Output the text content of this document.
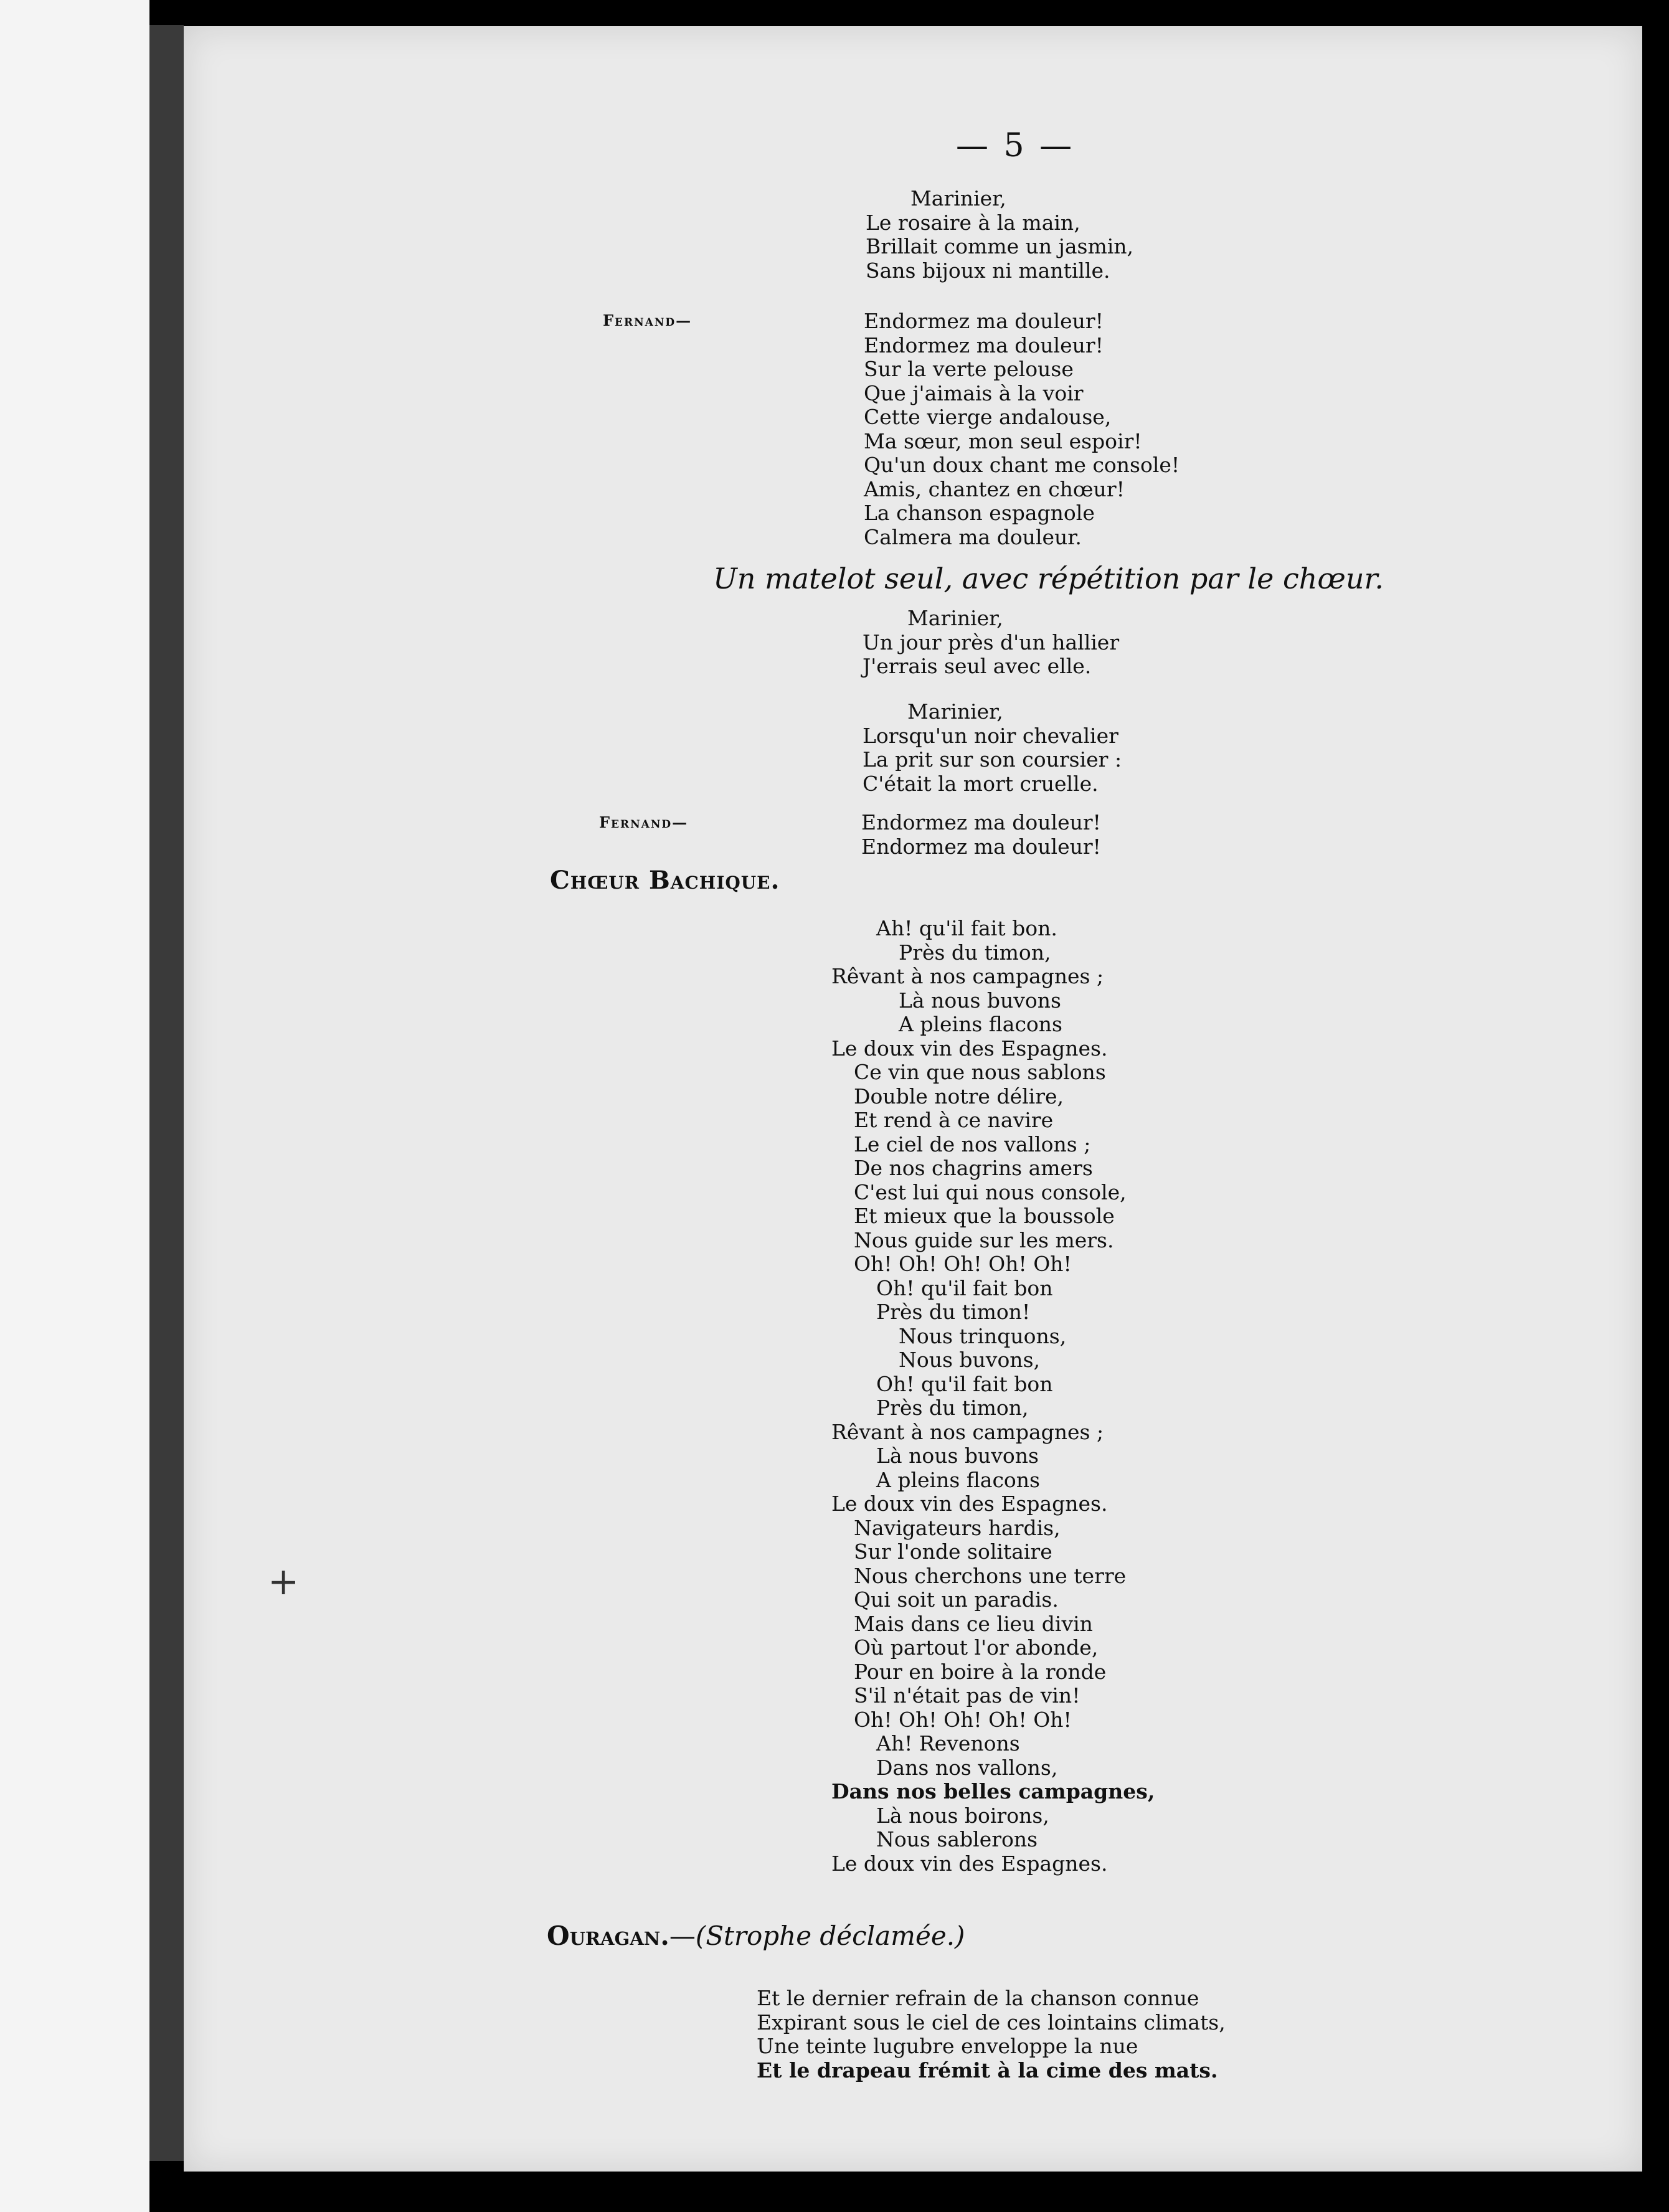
— 5 —
Marinier,
Le rosaire à la main,
Brillait comme un jasmin,
Sans bijoux ni mantille.
Fernand—	Endormez ma douleur!
Endormez ma douleur!
Sur la verte pelouse
Que j'aimais à la voir
Cette vierge andalouse,
Ma sœur, mon seul espoir!
Qu'un doux chant me console!
Amis, chantez en chœur!
La chanson espagnole
Calmera ma douleur.
Un matelot seul, avec répétition par le chœur.
Marinier,
Un jour près d'un hallier
J'errais seul avec elle.
Marinier,
Lorsqu'un noir chevalier
La prit sur son coursier :
C'était la mort cruelle.
Fernand—	Endormez ma douleur!
Endormez ma douleur!
Chœur Bachique.
Ah! qu'il fait bon.
Près du timon,
Rêvant à nos campagnes ;
Là nous buvons
A pleins flacons
Le doux vin des Espagnes.
Ce vin que nous sablons
Double notre délire,
Et rend à ce navire
Le ciel de nos vallons ;
De nos chagrins amers
C'est lui qui nous console,
Et mieux que la boussole
Nous guide sur les mers.
Oh! Oh! Oh! Oh! Oh!
Oh! qu'il fait bon
Près du timon!
Nous trinquons,
Nous buvons,
Oh! qu'il fait bon
Près du timon,
Rêvant à nos campagnes ;
Là nous buvons
A pleins flacons
Le doux vin des Espagnes.
Navigateurs hardis,
Sur l'onde solitaire
Nous cherchons une terre
Qui soit un paradis.
Mais dans ce lieu divin
Où partout l'or abonde,
Pour en boire à la ronde
S'il n'était pas de vin!
Oh! Oh! Oh! Oh! Oh!
Ah! Revenons
Dans nos vallons,
Dans nos belles campagnes,
Là nous boirons,
Nous sablerons
Le doux vin des Espagnes.
Ouragan.—(Strophe déclamée.)
Et le dernier refrain de la chanson connue
Expirant sous le ciel de ces lointains climats,
Une teinte lugubre enveloppe la nue
Et le drapeau frémit à la cime des mats.
+
